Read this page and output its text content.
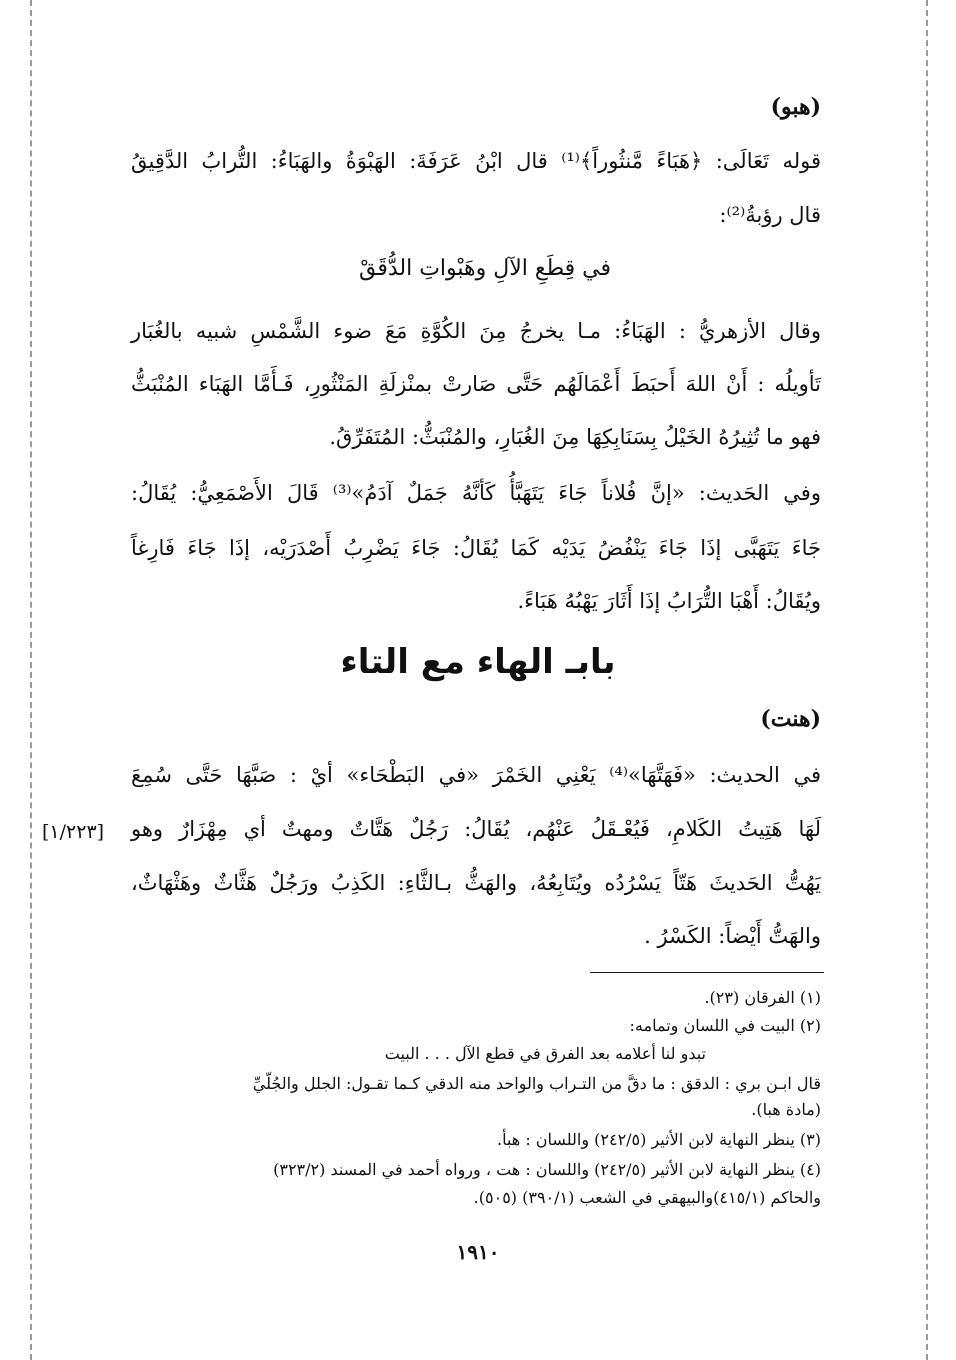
(هبو)
قوله تَعَالَى: ﴿هَبَاءً مَّنثُوراً﴾⁽¹⁾ قال ابْنُ عَرَفَةَ: الهَبْوَةُ والهَبَاءُ: التُّرابُ الدَّقِيقُ
قال رؤبةُ⁽²⁾:
في قِطَعِ الآلِ وهَبْواتِ الدُّقَقْ
وقال الأزهريُّ : الهَبَاءُ: مـا يخرجُ مِنَ الكُوَّةِ مَعَ ضوء الشَّمْسِ شبيه بالغُبَار
تَأويلُه : أَنْ اللهَ أَحبَطَ أَعْمَالَهُم حَتَّى صَارتْ بمنْزلَةِ المَنْثُورِ، فَـأَمَّا الهَبَاء المُنْبَثُّ
فهو ما تُثِيرُهُ الخَيْلُ بِسَنَابِكِهَا مِنَ الغُبَارِ، والمُنْبَثُّ: المُتَفَرِّقُ.
وفي الحَديث: «إنَّ فُلاناً جَاءَ يَتَهَبَّأُ كَأنَّهُ جَمَلٌ آدَمُ»⁽³⁾ قَالَ الأَصْمَعِيُّ: يُقَالُ:
جَاءَ يَتَهَبَّى إذَا جَاءَ يَنْفُضُ يَدَيْه كَمَا يُقَالُ: جَاءَ يَضْرِبُ أَصْدَرَيْه، إذَا جَاءَ فَارِغاً
ويُقَالُ: أَهْبَا التُّرَابُ إذَا أَثَارَ يَهْبُهُ هَبَاءً.
بابـ الهاء مع التاء
(هنت)
في الحديث: «فَهَتَّهَا»⁽⁴⁾ يَعْنِي الخَمْرَ «في البَطْحَاء» أيْ : صَبَّهَا حَتَّى سُمِعَ
لَهَا هَتِيتُ الكَلامِ، فَيُعْـقَلُ عَنْهُم، يُقَالُ: رَجُلٌ هَتَّاتٌ ومهتٌ أي مِهْزَارٌ وهو
يَهُتُّ الحَديثَ هَتّاً يَسْرُدُه ويُتَابِعُهُ، والهَثُّ بـالثَّاءِ: الكَذِبُ ورَجُلٌ هَثَّاثٌ وهَثْهَاثٌ،
والهَتُّ أَيْضاً: الكَسْرُ .
[١/٢٢٣]
(١) الفرقان (٢٣).
(٢) البيت في اللسان وتمامه:
تبدو لنا أعلامه بعد الفرق في قطع الآل . . . البيت
قال ابـن بري : الدقق : ما دقَّ من التـراب والواحد منه الدقي كـما تقـول: الجلل والجُلّيِّ
(مادة هبا).
(٣) ينظر النهاية لابن الأثير (٢٤٢/٥) واللسان : هبأ.
(٤) ينظر النهاية لابن الأثير (٢٤٢/٥) واللسان : هت ، ورواه أحمد في المسند (٣٢٣/٢)
والحاكم (٤١٥/١)والبيهقي في الشعب (٣٩٠/١) (٥٠٥).
١٩١٠
